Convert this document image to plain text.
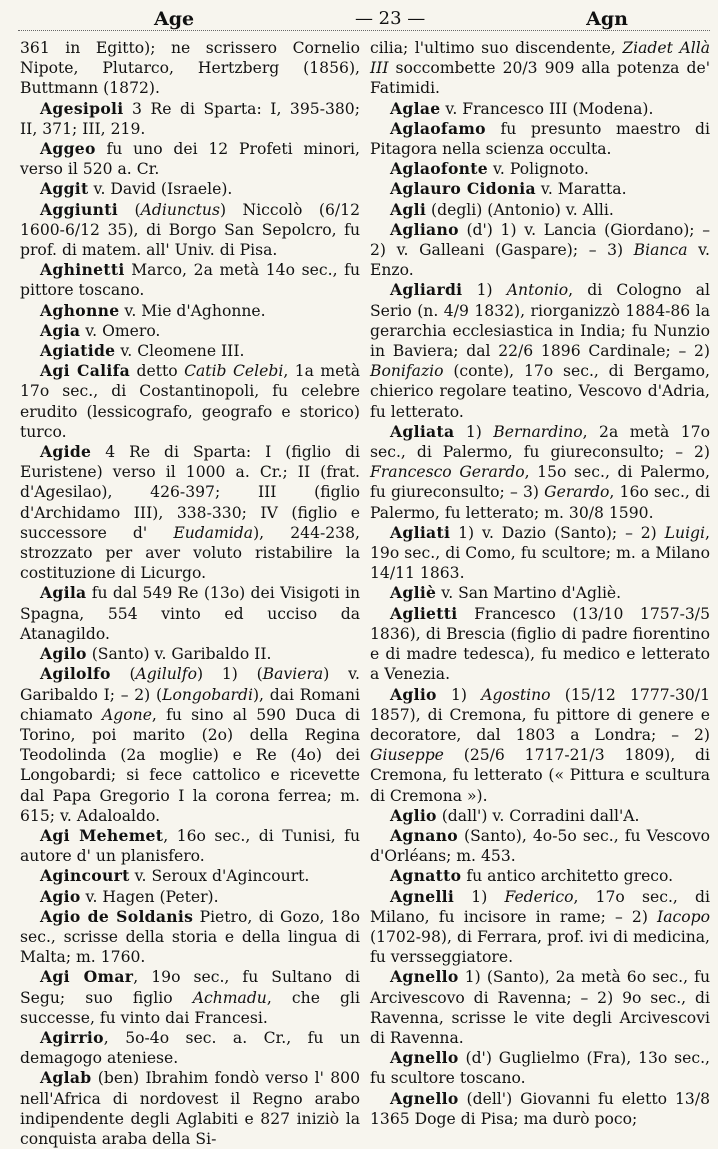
Age	— 23 —	Agn

361 in Egitto); ne scrissero Cornelio Nipote, Plutarco, Hertzberg (1856), Buttmann (1872).

Agesipoli 3 Re di Sparta: I, 395-380; II, 371; III, 219.

Aggeo fu uno dei 12 Profeti minori, verso il 520 a. Cr.

Aggit v. David (Israele).

Aggiunti (Adiunctus) Niccolò (6/12 1600-6/12 35), di Borgo San Sepolcro, fu prof. di matem. all' Univ. di Pisa.

Aghinetti Marco, 2a metà 14o sec., fu pittore toscano.

Aghonne v. Mie d'Aghonne.

Agia v. Omero.

Agiatide v. Cleomene III.

Agi Califa detto Catib Celebi, 1a metà 17o sec., di Costantinopoli, fu celebre erudito (lessicografo, geografo e storico) turco.

Agide 4 Re di Sparta: I (figlio di Euristene) verso il 1000 a. Cr.; II (frat. d'Agesilao), 426-397; III (figlio d'Archidamo III), 338-330; IV (figlio e successore d' Eudamida), 244-238, strozzato per aver voluto ristabilire la costituzione di Licurgo.

Agila fu dal 549 Re (13o) dei Visigoti in Spagna, 554 vinto ed ucciso da Atanagildo.

Agilo (Santo) v. Garibaldo II.

Agilolfo (Agilulfo) 1) (Baviera) v. Garibaldo I; – 2) (Longobardi), dai Romani chiamato Agone, fu sino al 590 Duca di Torino, poi marito (2o) della Regina Teodolinda (2a moglie) e Re (4o) dei Longobardi; si fece cattolico e ricevette dal Papa Gregorio I la corona ferrea; m. 615; v. Adaloaldo.

Agi Mehemet, 16o sec., di Tunisi, fu autore d' un planisfero.

Agincourt v. Seroux d'Agincourt.

Agio v. Hagen (Peter).

Agio de Soldanis Pietro, di Gozo, 18o sec., scrisse della storia e della lingua di Malta; m. 1760.

Agi Omar, 19o sec., fu Sultano di Segu; suo figlio Achmadu, che gli successe, fu vinto dai Francesi.

Agirrio, 5o-4o sec. a. Cr., fu un demagogo ateniese.

Aglab (ben) Ibrahim fondò verso l' 800 nell'Africa di nordovest il Regno arabo indipendente degli Aglabiti e 827 iniziò la conquista araba della Si-

cilia; l'ultimo suo discendente, Ziadet Allà III soccombette 20/3 909 alla potenza de' Fatimidi.

Aglae v. Francesco III (Modena).

Aglaofamo fu presunto maestro di Pitagora nella scienza occulta.

Aglaofonte v. Polignoto.

Aglauro Cidonia v. Maratta.

Agli (degli) (Antonio) v. Alli.

Agliano (d') 1) v. Lancia (Giordano); – 2) v. Galleani (Gaspare); – 3) Bianca v. Enzo.

Agliardi 1) Antonio, di Cologno al Serio (n. 4/9 1832), riorganizzò 1884-86 la gerarchia ecclesiastica in India; fu Nunzio in Baviera; dal 22/6 1896 Cardinale; – 2) Bonifazio (conte), 17o sec., di Bergamo, chierico regolare teatino, Vescovo d'Adria, fu letterato.

Agliata 1) Bernardino, 2a metà 17o sec., di Palermo, fu giureconsulto; – 2) Francesco Gerardo, 15o sec., di Palermo, fu giureconsulto; – 3) Gerardo, 16o sec., di Palermo, fu letterato; m. 30/8 1590.

Agliati 1) v. Dazio (Santo); – 2) Luigi, 19o sec., di Como, fu scultore; m. a Milano 14/11 1863.

Agliè v. San Martino d'Agliè.

Aglietti Francesco (13/10 1757-3/5 1836), di Brescia (figlio di padre fiorentino e di madre tedesca), fu medico e letterato a Venezia.

Aglio 1) Agostino (15/12 1777-30/1 1857), di Cremona, fu pittore di genere e decoratore, dal 1803 a Londra; – 2) Giuseppe (25/6 1717-21/3 1809), di Cremona, fu letterato (« Pittura e scultura di Cremona »).

Aglio (dall') v. Corradini dall'A.

Agnano (Santo), 4o-5o sec., fu Vescovo d'Orléans; m. 453.

Agnatto fu antico architetto greco.

Agnelli 1) Federico, 17o sec., di Milano, fu incisore in rame; – 2) Iacopo (1702-98), di Ferrara, prof. ivi di medicina, fu versseggiatore.

Agnello 1) (Santo), 2a metà 6o sec., fu Arcivescovo di Ravenna; – 2) 9o sec., di Ravenna, scrisse le vite degli Arcivescovi di Ravenna.

Agnello (d') Guglielmo (Fra), 13o sec., fu scultore toscano.

Agnello (dell') Giovanni fu eletto 13/8 1365 Doge di Pisa; ma durò poco;
